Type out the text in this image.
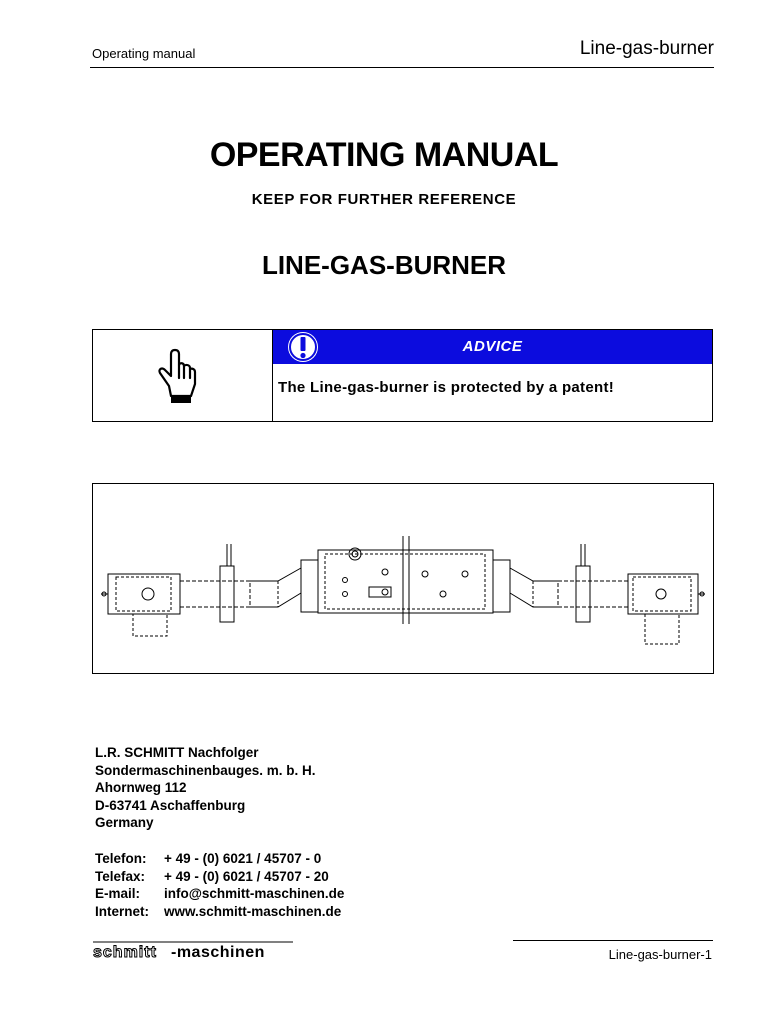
Operating manual	Line-gas-burner
OPERATING MANUAL
KEEP FOR FURTHER REFERENCE
LINE-GAS-BURNER
ADVICE
The Line-gas-burner is protected by a patent!
L.R. SCHMITT Nachfolger
Sondermaschinenbauges. m. b. H.
Ahornweg 112
D-63741 Aschaffenburg
Germany
Telefon:	+ 49 - (0) 6021 / 45707 - 0
Telefax:	+ 49 - (0) 6021 / 45707 - 20
E-mail:	info@schmitt-maschinen.de
Internet:	www.schmitt-maschinen.de
schmitt -maschinen	Line-gas-burner-1
